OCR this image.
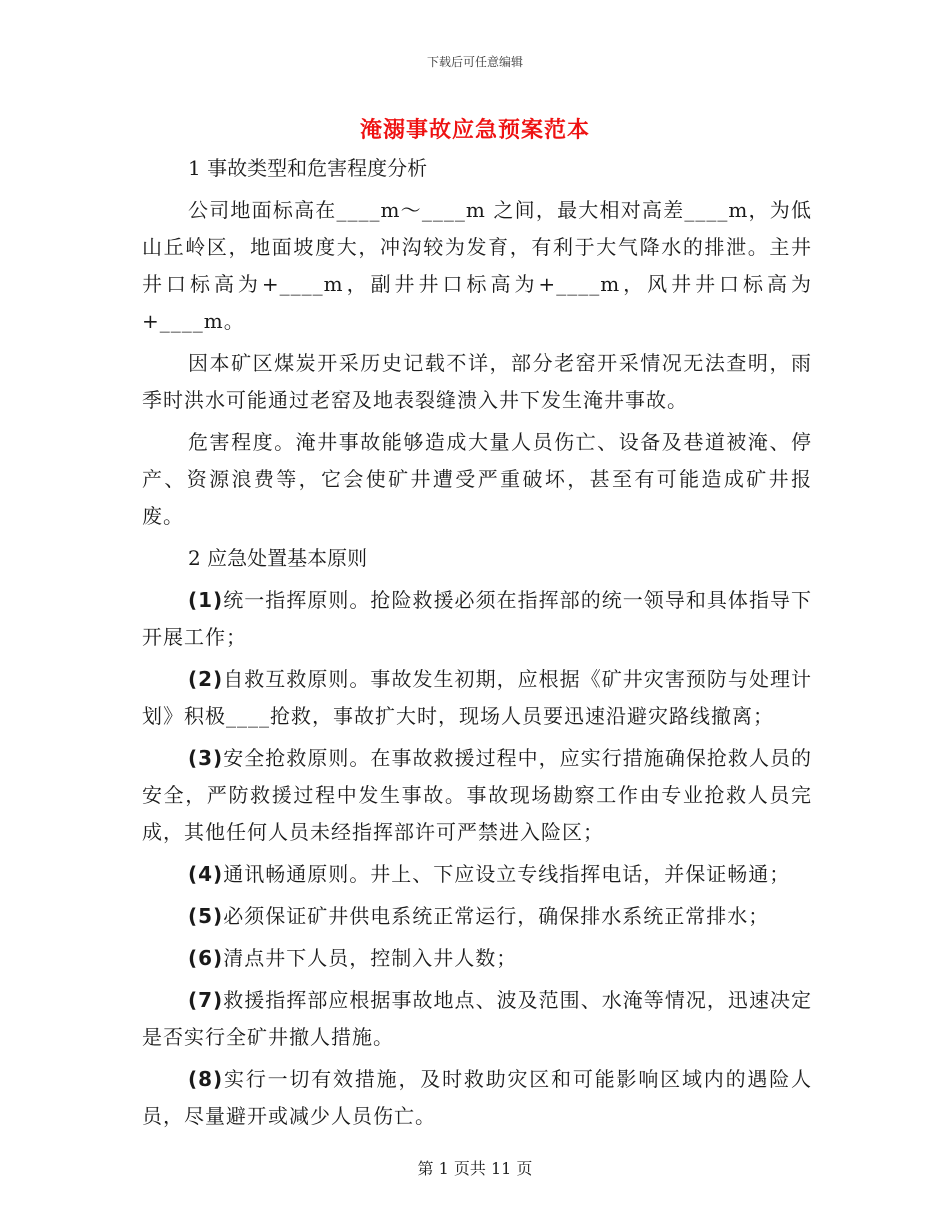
下载后可任意编辑
淹溺事故应急预案范本
1 事故类型和危害程度分析

公司地面标高在____m～____m 之间，最大相对高差____m，为低山丘岭区，地面坡度大，冲沟较为发育，有利于大气降水的排泄。主井井口标高为+____m，副井井口标高为+____m，风井井口标高为+____m。

因本矿区煤炭开采历史记载不详，部分老窑开采情况无法查明，雨季时洪水可能通过老窑及地表裂缝溃入井下发生淹井事故。

危害程度。淹井事故能够造成大量人员伤亡、设备及巷道被淹、停产、资源浪费等，它会使矿井遭受严重破坏，甚至有可能造成矿井报废。

2 应急处置基本原则

(1)统一指挥原则。抢险救援必须在指挥部的统一领导和具体指导下开展工作；

(2)自救互救原则。事故发生初期，应根据《矿井灾害预防与处理计划》积极____抢救，事故扩大时，现场人员要迅速沿避灾路线撤离；

(3)安全抢救原则。在事故救援过程中，应实行措施确保抢救人员的安全，严防救援过程中发生事故。事故现场勘察工作由专业抢救人员完成，其他任何人员未经指挥部许可严禁进入险区；

(4)通讯畅通原则。井上、下应设立专线指挥电话，并保证畅通；

(5)必须保证矿井供电系统正常运行，确保排水系统正常排水；

(6)清点井下人员，控制入井人数；

(7)救援指挥部应根据事故地点、波及范围、水淹等情况，迅速决定是否实行全矿井撤人措施。

(8)实行一切有效措施，及时救助灾区和可能影响区域内的遇险人员，尽量避开或减少人员伤亡。

第 1 页共 11 页
